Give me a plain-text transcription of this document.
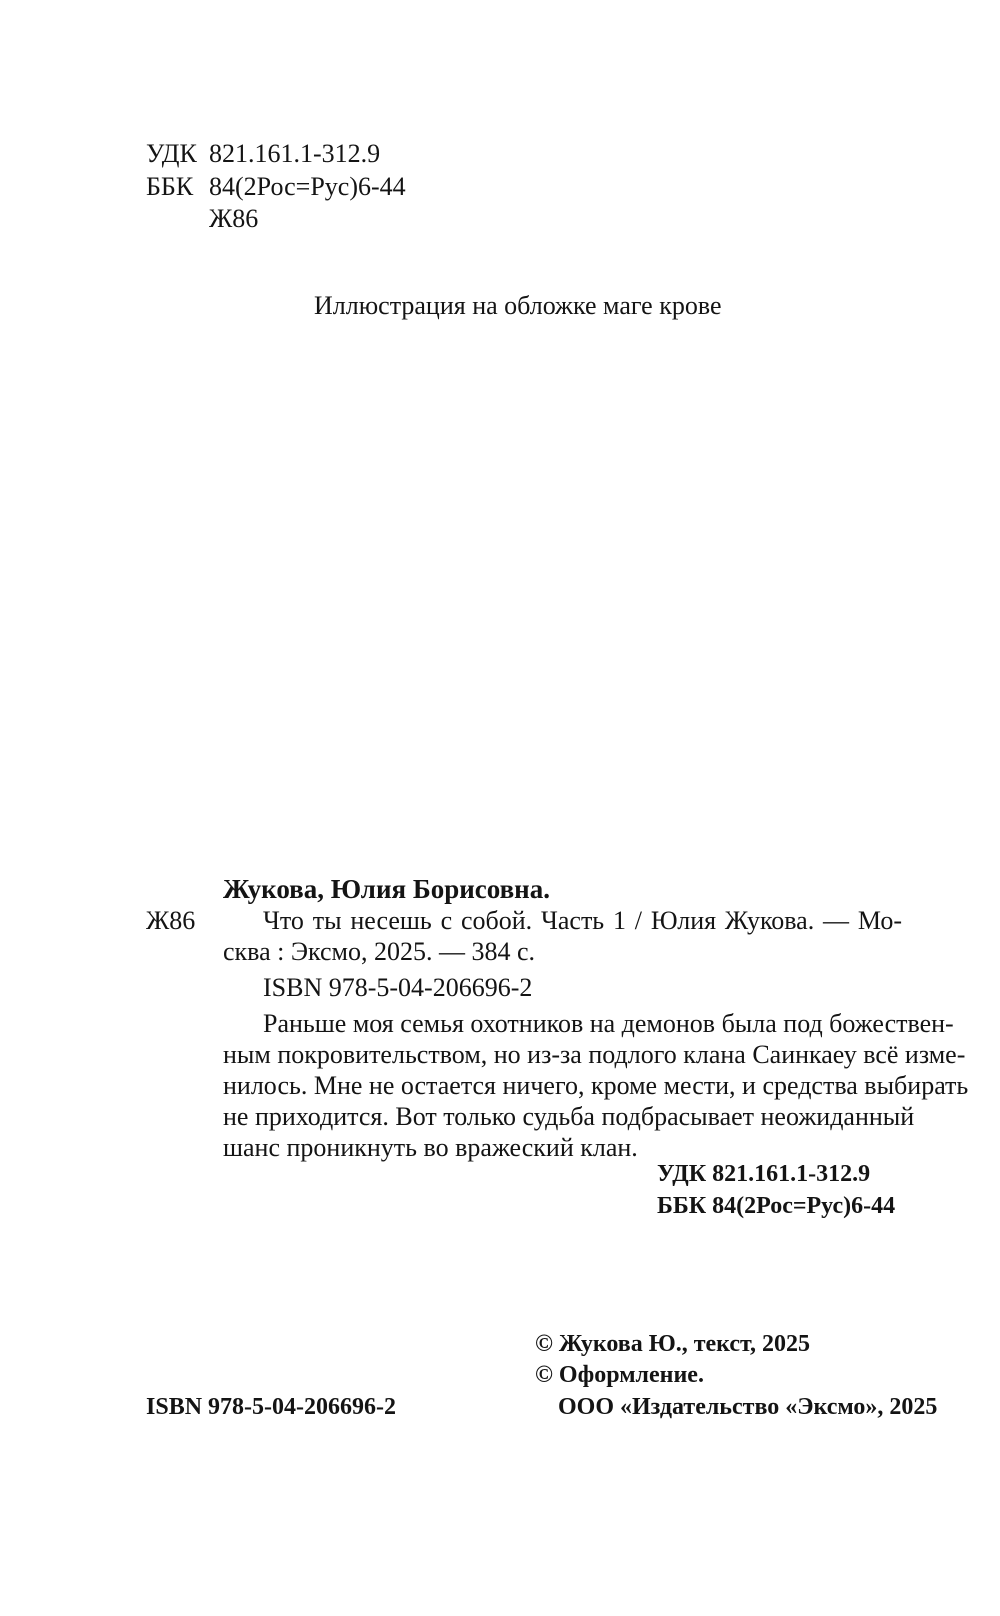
УДК 821.161.1-312.9
ББК 84(2Рос=Рус)6-44
Ж86
Иллюстрация на обложке маге крове
Жукова, Юлия Борисовна.
Ж86	Что ты несешь с собой. Часть 1 / Юлия Жукова. — Мо-
сква : Эксмо, 2025. — 384 с.
ISBN 978-5-04-206696-2
Раньше моя семья охотников на демонов была под божествен-
ным покровительством, но из-за подлого клана Саинкаеу всё изме-
нилось. Мне не остается ничего, кроме мести, и средства выбирать
не приходится. Вот только судьба подбрасывает неожиданный
шанс проникнуть во вражеский клан.
УДК 821.161.1-312.9
ББК 84(2Рос=Рус)6-44
© Жукова Ю., текст, 2025
© Оформление.
ISBN 978-5-04-206696-2	ООО «Издательство «Эксмо», 2025
